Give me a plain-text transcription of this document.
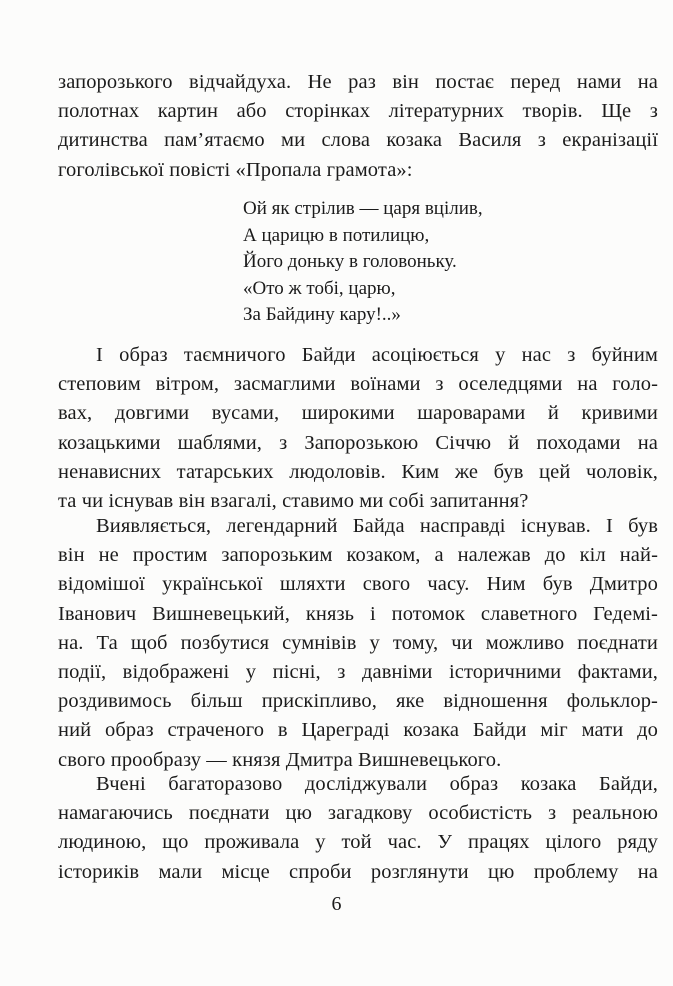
запорозького відчайдуха. Не раз він постає перед нами на
полотнах картин або сторінках літературних творів. Ще з
дитинства пам’ятаємо ми слова козака Василя з екранізації
гоголівської повісті «Пропала грамота»:
Ой як стрілив — царя вцілив,
А царицю в потилицю,
Його доньку в головоньку.
«Ото ж тобі, царю,
За Байдину кару!..»
І образ таємничого Байди асоціюється у нас з буйним
степовим вітром, засмаглими воїнами з оселедцями на голо-
вах, довгими вусами, широкими шароварами й кривими
козацькими шаблями, з Запорозькою Січчю й походами на
ненависних татарських людоловів. Ким же був цей чоловік,
та чи існував він взагалі, ставимо ми собі запитання?
Виявляється, легендарний Байда насправді існував. І був
він не простим запорозьким козаком, а належав до кіл най-
відомішої української шляхти свого часу. Ним був Дмитро
Іванович Вишневецький, князь і потомок славетного Гедемі-
на. Та щоб позбутися сумнівів у тому, чи можливо поєднати
події, відображені у пісні, з давніми історичними фактами,
роздивимось більш прискіпливо, яке відношення фольклор-
ний образ страченого в Цареграді козака Байди міг мати до
свого прообразу — князя Дмитра Вишневецького.
Вчені багаторазово досліджували образ козака Байди,
намагаючись поєднати цю загадкову особистість з реальною
людиною, що проживала у той час. У працях цілого ряду
істориків мали місце спроби розглянути цю проблему на
6
